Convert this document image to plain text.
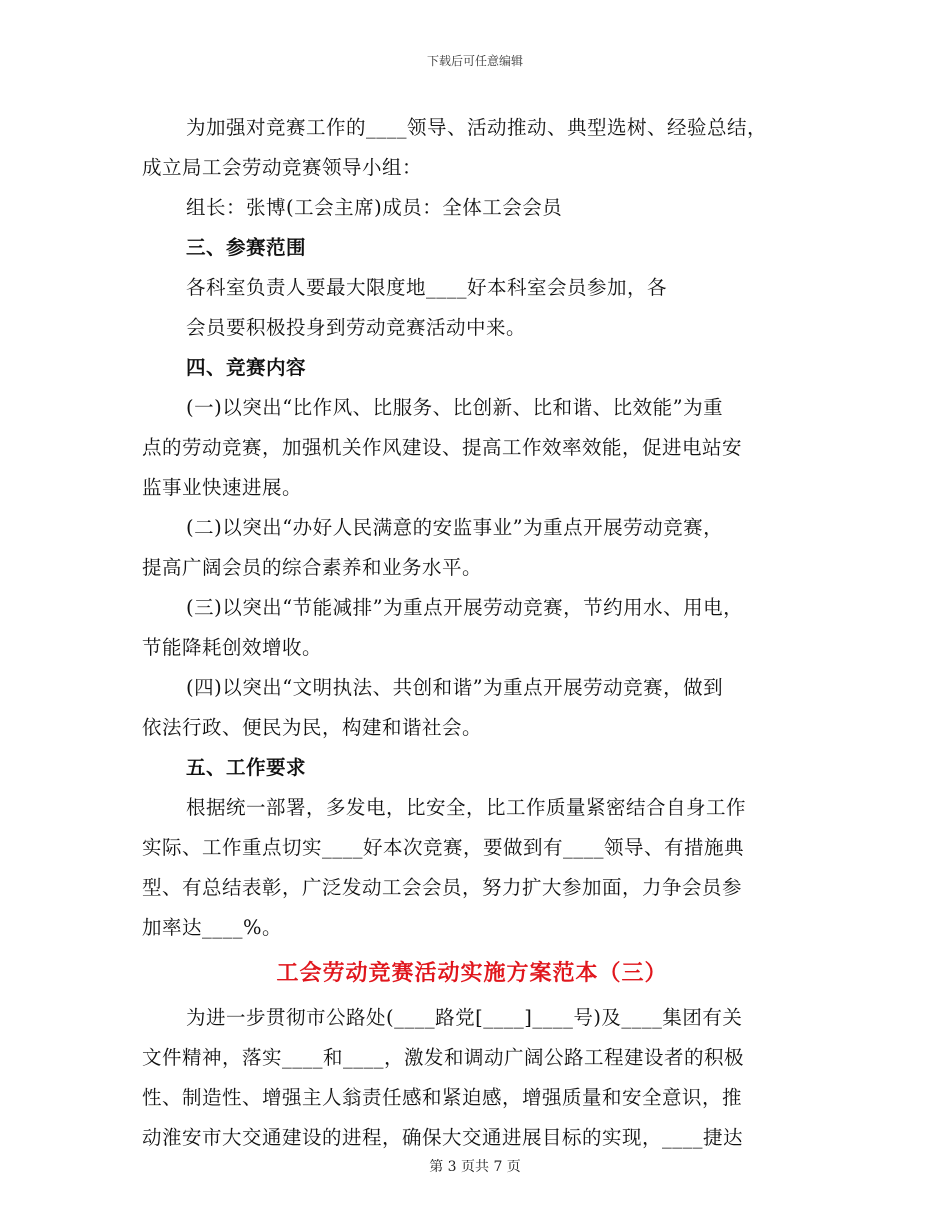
下载后可任意编辑
为加强对竞赛工作的____领导、活动推动、典型选树、经验总结，
成立局工会劳动竞赛领导小组：
组长：张博(工会主席)成员：全体工会会员
三、参赛范围
各科室负责人要最大限度地____好本科室会员参加，各
会员要积极投身到劳动竞赛活动中来。
四、竞赛内容
(一)以突出“比作风、比服务、比创新、比和谐、比效能”为重
点的劳动竞赛，加强机关作风建设、提高工作效率效能，促进电站安
监事业快速进展。
(二)以突出“办好人民满意的安监事业”为重点开展劳动竞赛，
提高广阔会员的综合素养和业务水平。
(三)以突出“节能减排”为重点开展劳动竞赛，节约用水、用电，
节能降耗创效增收。
(四)以突出“文明执法、共创和谐”为重点开展劳动竞赛，做到
依法行政、便民为民，构建和谐社会。
五、工作要求
根据统一部署，多发电，比安全，比工作质量紧密结合自身工作
实际、工作重点切实____好本次竞赛，要做到有____领导、有措施典
型、有总结表彰，广泛发动工会会员，努力扩大参加面，力争会员参
加率达____%。
工会劳动竞赛活动实施方案范本（三）
为进一步贯彻市公路处(____路党[____]____号)及____集团有关
文件精神，落实____和____，激发和调动广阔公路工程建设者的积极
性、制造性、增强主人翁责任感和紧迫感，增强质量和安全意识，推
动淮安市大交通建设的进程，确保大交通进展目标的实现，____捷达
第 3 页共 7 页
